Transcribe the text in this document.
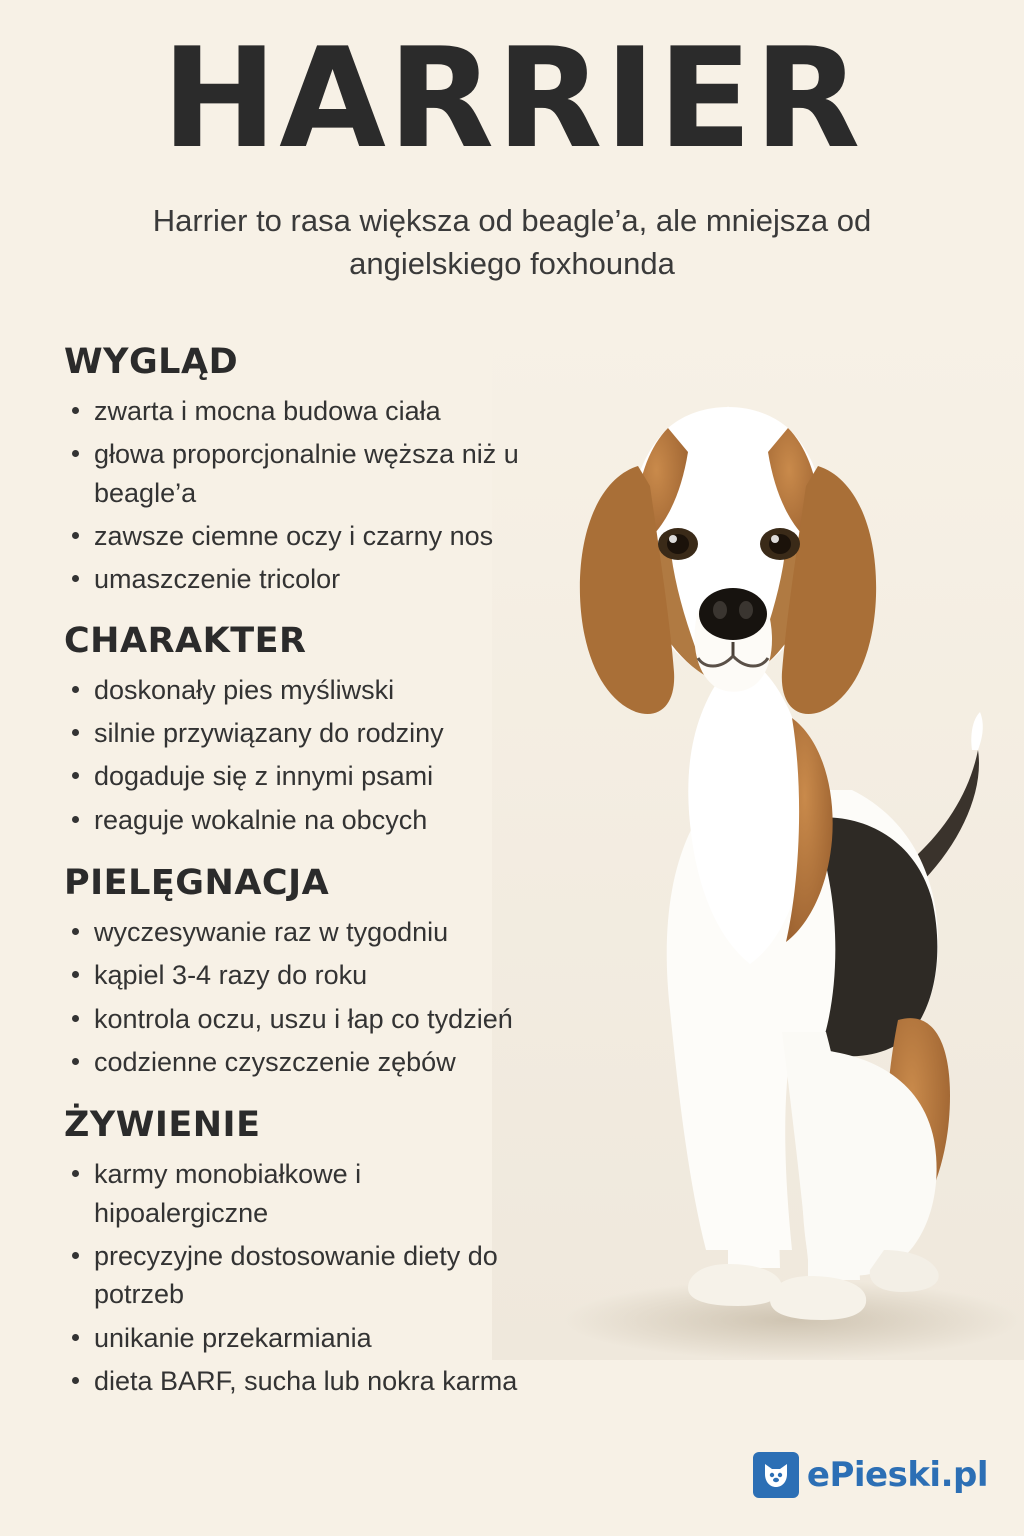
HARRIER
Harrier to rasa większa od beagle’a, ale mniejsza od angielskiego foxhounda
WYGLĄD
zwarta i mocna budowa ciała
głowa proporcjonalnie węższa niż u beagle’a
zawsze ciemne oczy i czarny nos
umaszczenie tricolor
CHARAKTER
doskonały pies myśliwski
silnie przywiązany do rodziny
dogaduje się z innymi psami
reaguje wokalnie na obcych
PIELĘGNACJA
wyczesywanie raz w tygodniu
kąpiel 3-4 razy do roku
kontrola oczu, uszu i łap co tydzień
codzienne czyszczenie zębów
ŻYWIENIE
karmy monobiałkowe i hipoalergiczne
precyzyjne dostosowanie diety do potrzeb
unikanie przekarmiania
dieta BARF, sucha lub nokra karma
ePieski.pl
